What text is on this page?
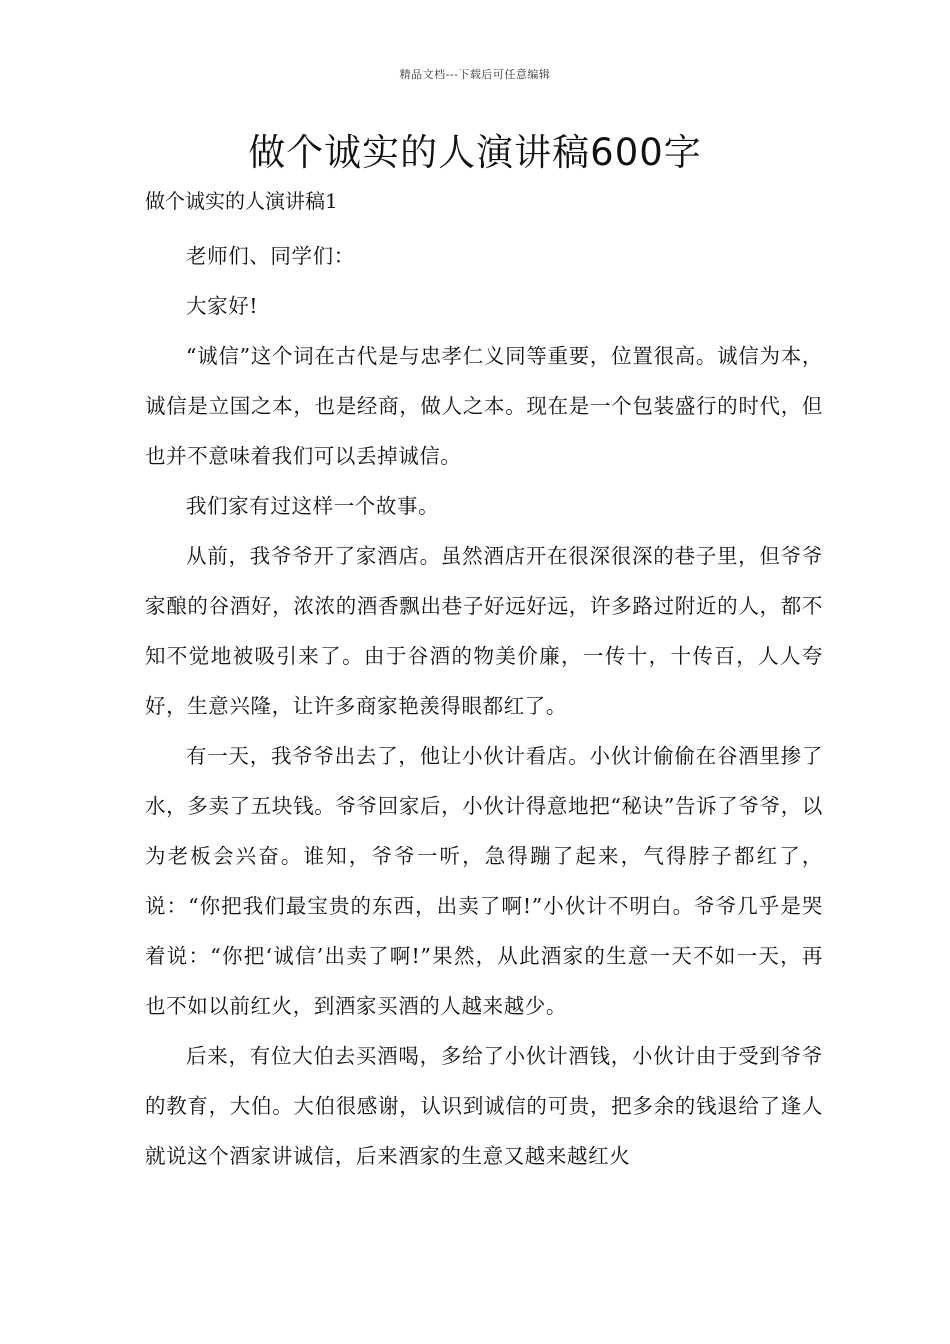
精品文档---下载后可任意编辑
做个诚实的人演讲稿600字
做个诚实的人演讲稿1

老师们、同学们：

大家好!

“诚信”这个词在古代是与忠孝仁义同等重要，位置很高。诚信为本，诚信是立国之本，也是经商，做人之本。现在是一个包装盛行的时代，但也并不意味着我们可以丢掉诚信。

我们家有过这样一个故事。

从前，我爷爷开了家酒店。虽然酒店开在很深很深的巷子里，但爷爷家酿的谷酒好，浓浓的酒香飘出巷子好远好远，许多路过附近的人，都不知不觉地被吸引来了。由于谷酒的物美价廉，一传十，十传百，人人夸好，生意兴隆，让许多商家艳羡得眼都红了。

有一天，我爷爷出去了，他让小伙计看店。小伙计偷偷在谷酒里掺了水，多卖了五块钱。爷爷回家后，小伙计得意地把“秘诀”告诉了爷爷，以为老板会兴奋。谁知，爷爷一听，急得蹦了起来，气得脖子都红了，说：“你把我们最宝贵的东西，出卖了啊!”小伙计不明白。爷爷几乎是哭着说：“你把‘诚信’出卖了啊!”果然，从此酒家的生意一天不如一天，再也不如以前红火，到酒家买酒的人越来越少。

后来，有位大伯去买酒喝，多给了小伙计酒钱，小伙计由于受到爷爷的教育，大伯。大伯很感谢，认识到诚信的可贵，把多余的钱退给了逢人就说这个酒家讲诚信，后来酒家的生意又越来越红火
